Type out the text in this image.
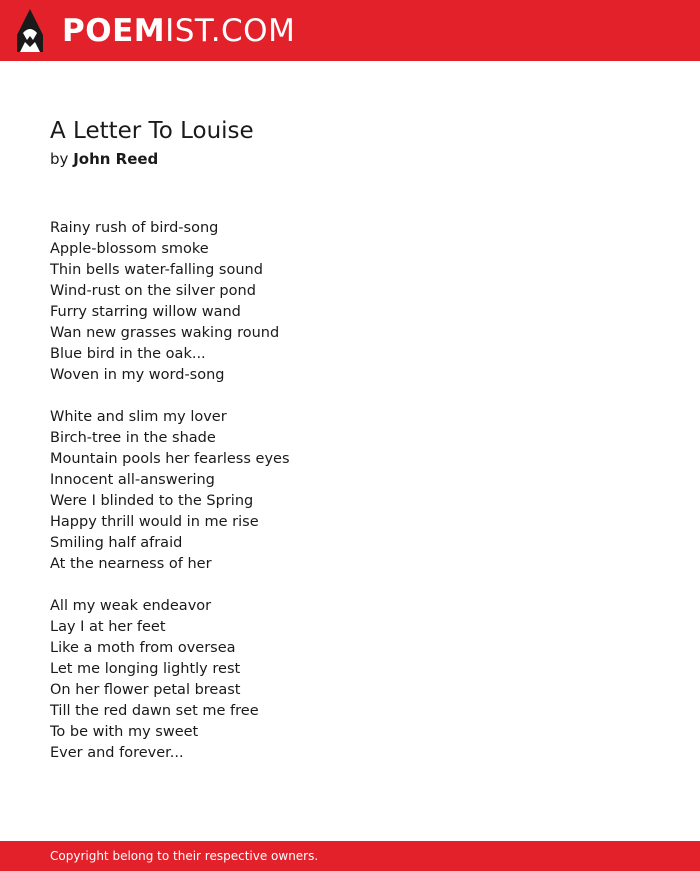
POEMIST.COM
A Letter To Louise
by John Reed
Rainy rush of bird-song
Apple-blossom smoke
Thin bells water-falling sound
Wind-rust on the silver pond
Furry starring willow wand
Wan new grasses waking round
Blue bird in the oak...
Woven in my word-song
White and slim my lover
Birch-tree in the shade
Mountain pools her fearless eyes
Innocent all-answering
Were I blinded to the Spring
Happy thrill would in me rise
Smiling half afraid
At the nearness of her
All my weak endeavor
Lay I at her feet
Like a moth from oversea
Let me longing lightly rest
On her flower petal breast
Till the red dawn set me free
To be with my sweet
Ever and forever...
Copyright belong to their respective owners.
